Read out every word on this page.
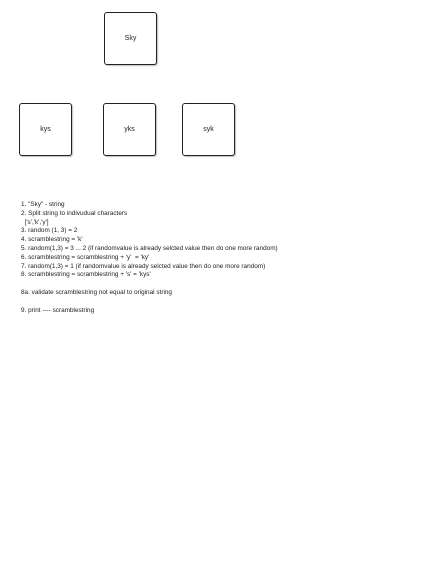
Sky
kys	yks	syk
1. "Sky" - string
2. Split string to indivudual characters
['s','k','y']
3. random (1, 3) = 2
4. scramblestring = 'k'
5. random(1,3) = 3 ... 2 (if randomvalue is already selcted value then do one more random)
6. scramblestring = scramblestring + 'y'  = 'ky'
7. random(1,3) = 1 (if randomvalue is already selcted value then do one more random)
8. scramblestring = scramblestring + 's' = 'kys'
8a. validate scramblestring not equal to original string
9. print ---- scramblestring
